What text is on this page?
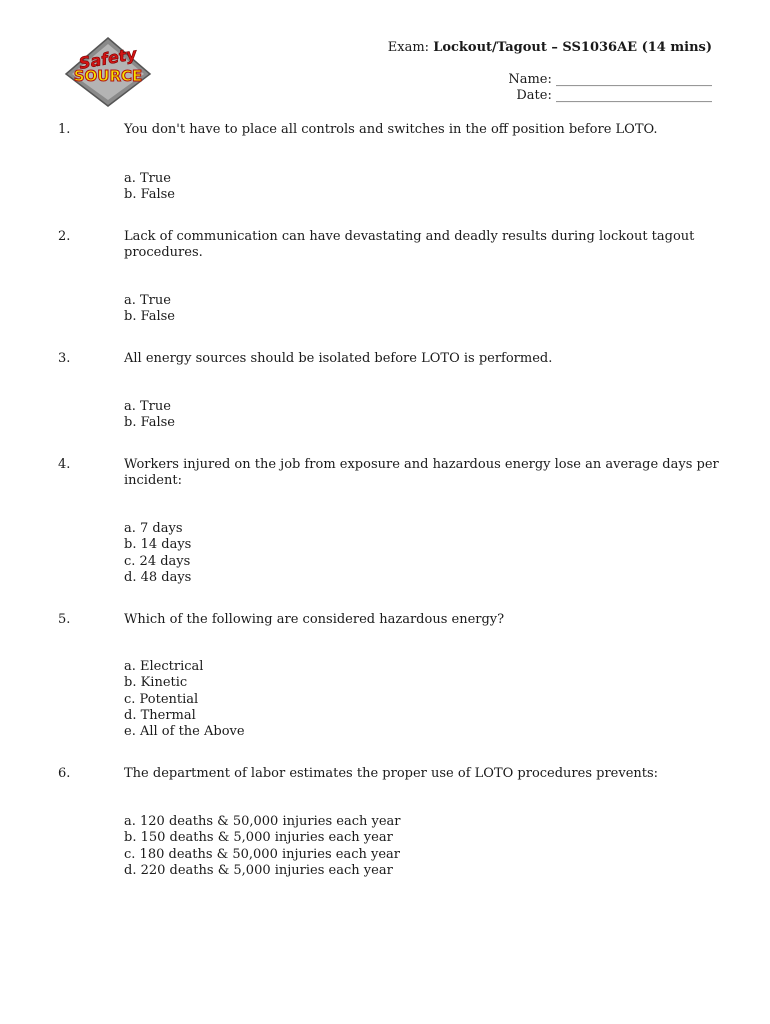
Safety
SOURCE
Exam: Lockout/Tagout – SS1036AE (14 mins)
Name: ________________________
Date: ________________________
1.	You don't have to place all controls and switches in the off position before LOTO.
a. True
b. False
2.	Lack of communication can have devastating and deadly results during lockout tagout procedures.
a. True
b. False
3.	All energy sources should be isolated before LOTO is performed.
a. True
b. False
4.	Workers injured on the job from exposure and hazardous energy lose an average days per incident:
a. 7 days
b. 14 days
c. 24 days
d. 48 days
5.	Which of the following are considered hazardous energy?
a. Electrical
b. Kinetic
c. Potential
d. Thermal
e. All of the Above
6.	The department of labor estimates the proper use of LOTO procedures prevents:
a. 120 deaths & 50,000 injuries each year
b. 150 deaths & 5,000 injuries each year
c. 180 deaths & 50,000 injuries each year
d. 220 deaths & 5,000 injuries each year
